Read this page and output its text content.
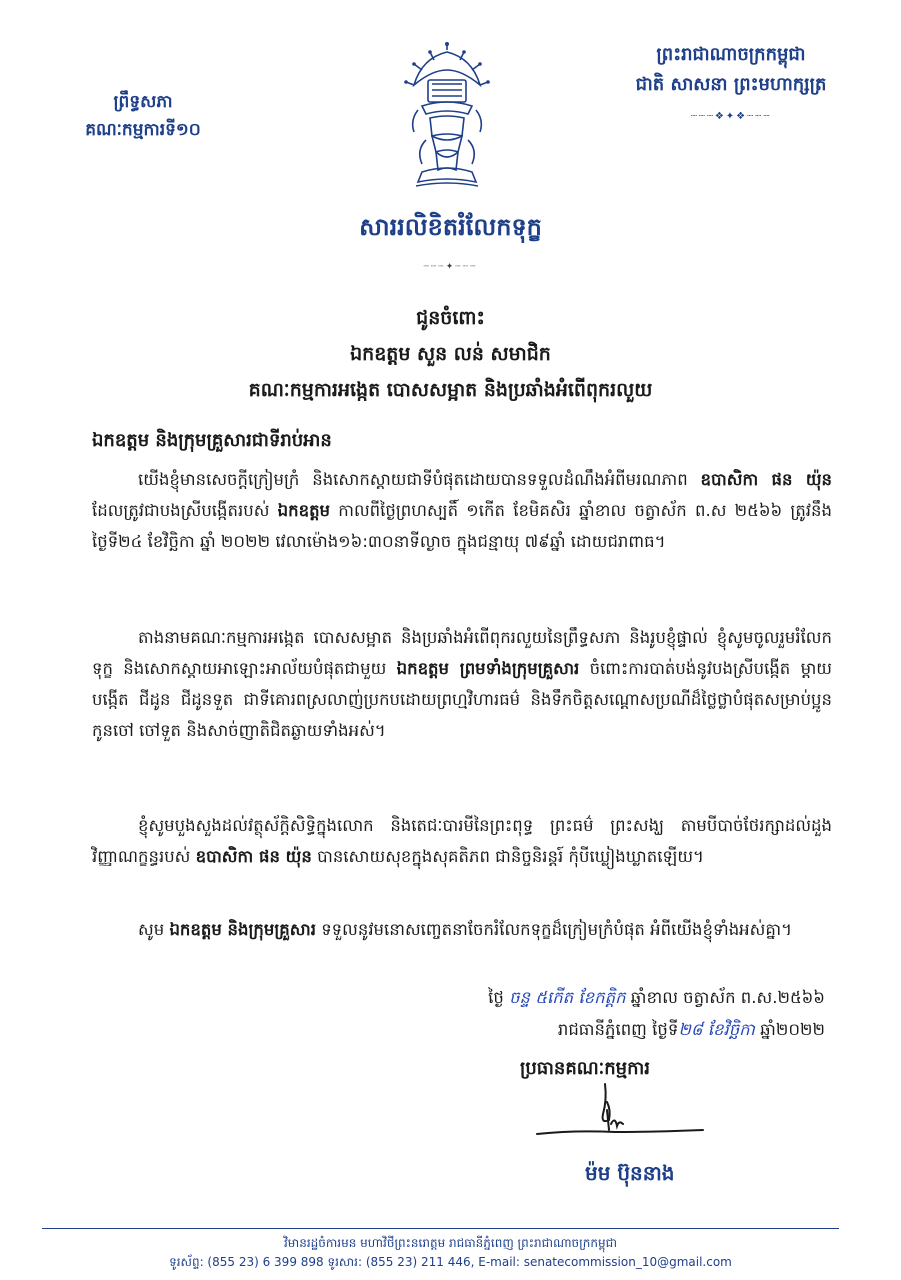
ព្រឹទ្ធសភា
គណៈកម្មការទី១០
ព្រះរាជាណាចក្រកម្ពុជា
ជាតិ សាសនា ព្រះមហាក្សត្រ
┈┈┈❖✦❖┈┈┈
សាររលិខិតរំលែកទុក្ខ
┈┈┈✦┈┈┈
ជូនចំពោះ
ឯកឧត្តម សួន លន់ សមាជិក
គណៈកម្មការអង្កេត បោសសម្អាត និងប្រឆាំងអំពើពុករលួយ
ឯកឧត្តម និងក្រុមគ្រួសារជាទីរាប់អាន
យើងខ្ញុំមានសេចក្តីក្រៀមក្រំ និងសោកស្តាយជាទីបំផុតដោយបានទទួលដំណឹងអំពីមរណភាព ឧបាសិកា ផន យ៉ុន ដែលត្រូវជាបងស្រីបង្កើតរបស់ ឯកឧត្តម កាលពីថ្ងៃព្រហស្បតិ៍ ១កើត ខែមិគសិរ ឆ្នាំខាល ចត្វាស័ក ព.ស ២៥៦៦ ត្រូវនឹងថ្ងៃទី២៤ ខែវិច្ឆិកា ឆ្នាំ ២០២២ វេលាម៉ោង១៦:៣០នាទីល្ងាច ក្នុងជន្មាយុ ៧៩ឆ្នាំ ដោយជរាពាធ។
តាងនាមគណៈកម្មការអង្កេត បោសសម្អាត និងប្រឆាំងអំពើពុករលួយនៃព្រឹទ្ធសភា និងរូបខ្ញុំផ្ទាល់ ខ្ញុំសូមចូលរួមរំលែកទុក្ខ និងសោកស្តាយអាឡោះអាល័យបំផុតជាមួយ ឯកឧត្តម ព្រមទាំងក្រុមគ្រួសារ ចំពោះការបាត់បង់នូវបងស្រីបង្កើត ម្តាយបង្កើត ជីដូន ជីដូនទួត ជាទីគោរពស្រលាញ់ប្រកបដោយព្រហ្មវិហារធម៌ និងទឹកចិត្តសណ្តោសប្រណីដ៏ថ្លៃថ្លាបំផុតសម្រាប់ប្អូន កូនចៅ ចៅទួត និងសាច់ញាតិជិតឆ្ងាយទាំងអស់។
ខ្ញុំសូមបួងសួងដល់វត្ថុស័ក្តិសិទ្ធិក្នុងលោក និងតេជៈបារមីនៃព្រះពុទ្ធ ព្រះធម៌ ព្រះសង្ឃ តាមបីបាច់ថែរក្សាដល់ដួងវិញ្ញាណក្ខន្ធរបស់ ឧបាសិកា ផន យ៉ុន បានសោយសុខក្នុងសុគតិភព ជានិច្ចនិរន្តរ៍ កុំបីឃ្លៀងឃ្លាតឡើយ។
សូម ឯកឧត្តម និងក្រុមគ្រួសារ ទទួលនូវមនោសញ្ចេតនាចែករំលែកទុក្ខដ៏ក្រៀមក្រំបំផុត អំពីយើងខ្ញុំទាំងអស់គ្នា។
ថ្ងៃ ចន្ទ ៥កើត ខែកត្តិក ឆ្នាំខាល ចត្វាស័ក ព.ស.២៥៦៦
រាជធានីភ្នំពេញ ថ្ងៃទី២៨ ខែវិច្ឆិកា ឆ្នាំ២០២២
ប្រធានគណៈកម្មការ
ម៉ម ប៊ុននាង
វិមានរដ្ឋចំការមន មហាវិថីព្រះនរោត្តម រាជធានីភ្នំពេញ ព្រះរាជាណាចក្រកម្ពុជា
ទូរស័ព្ទ: (855 23) 6 399 898 ទូរសារ: (855 23) 211 446, E-mail: senatecommission_10@gmail.com
